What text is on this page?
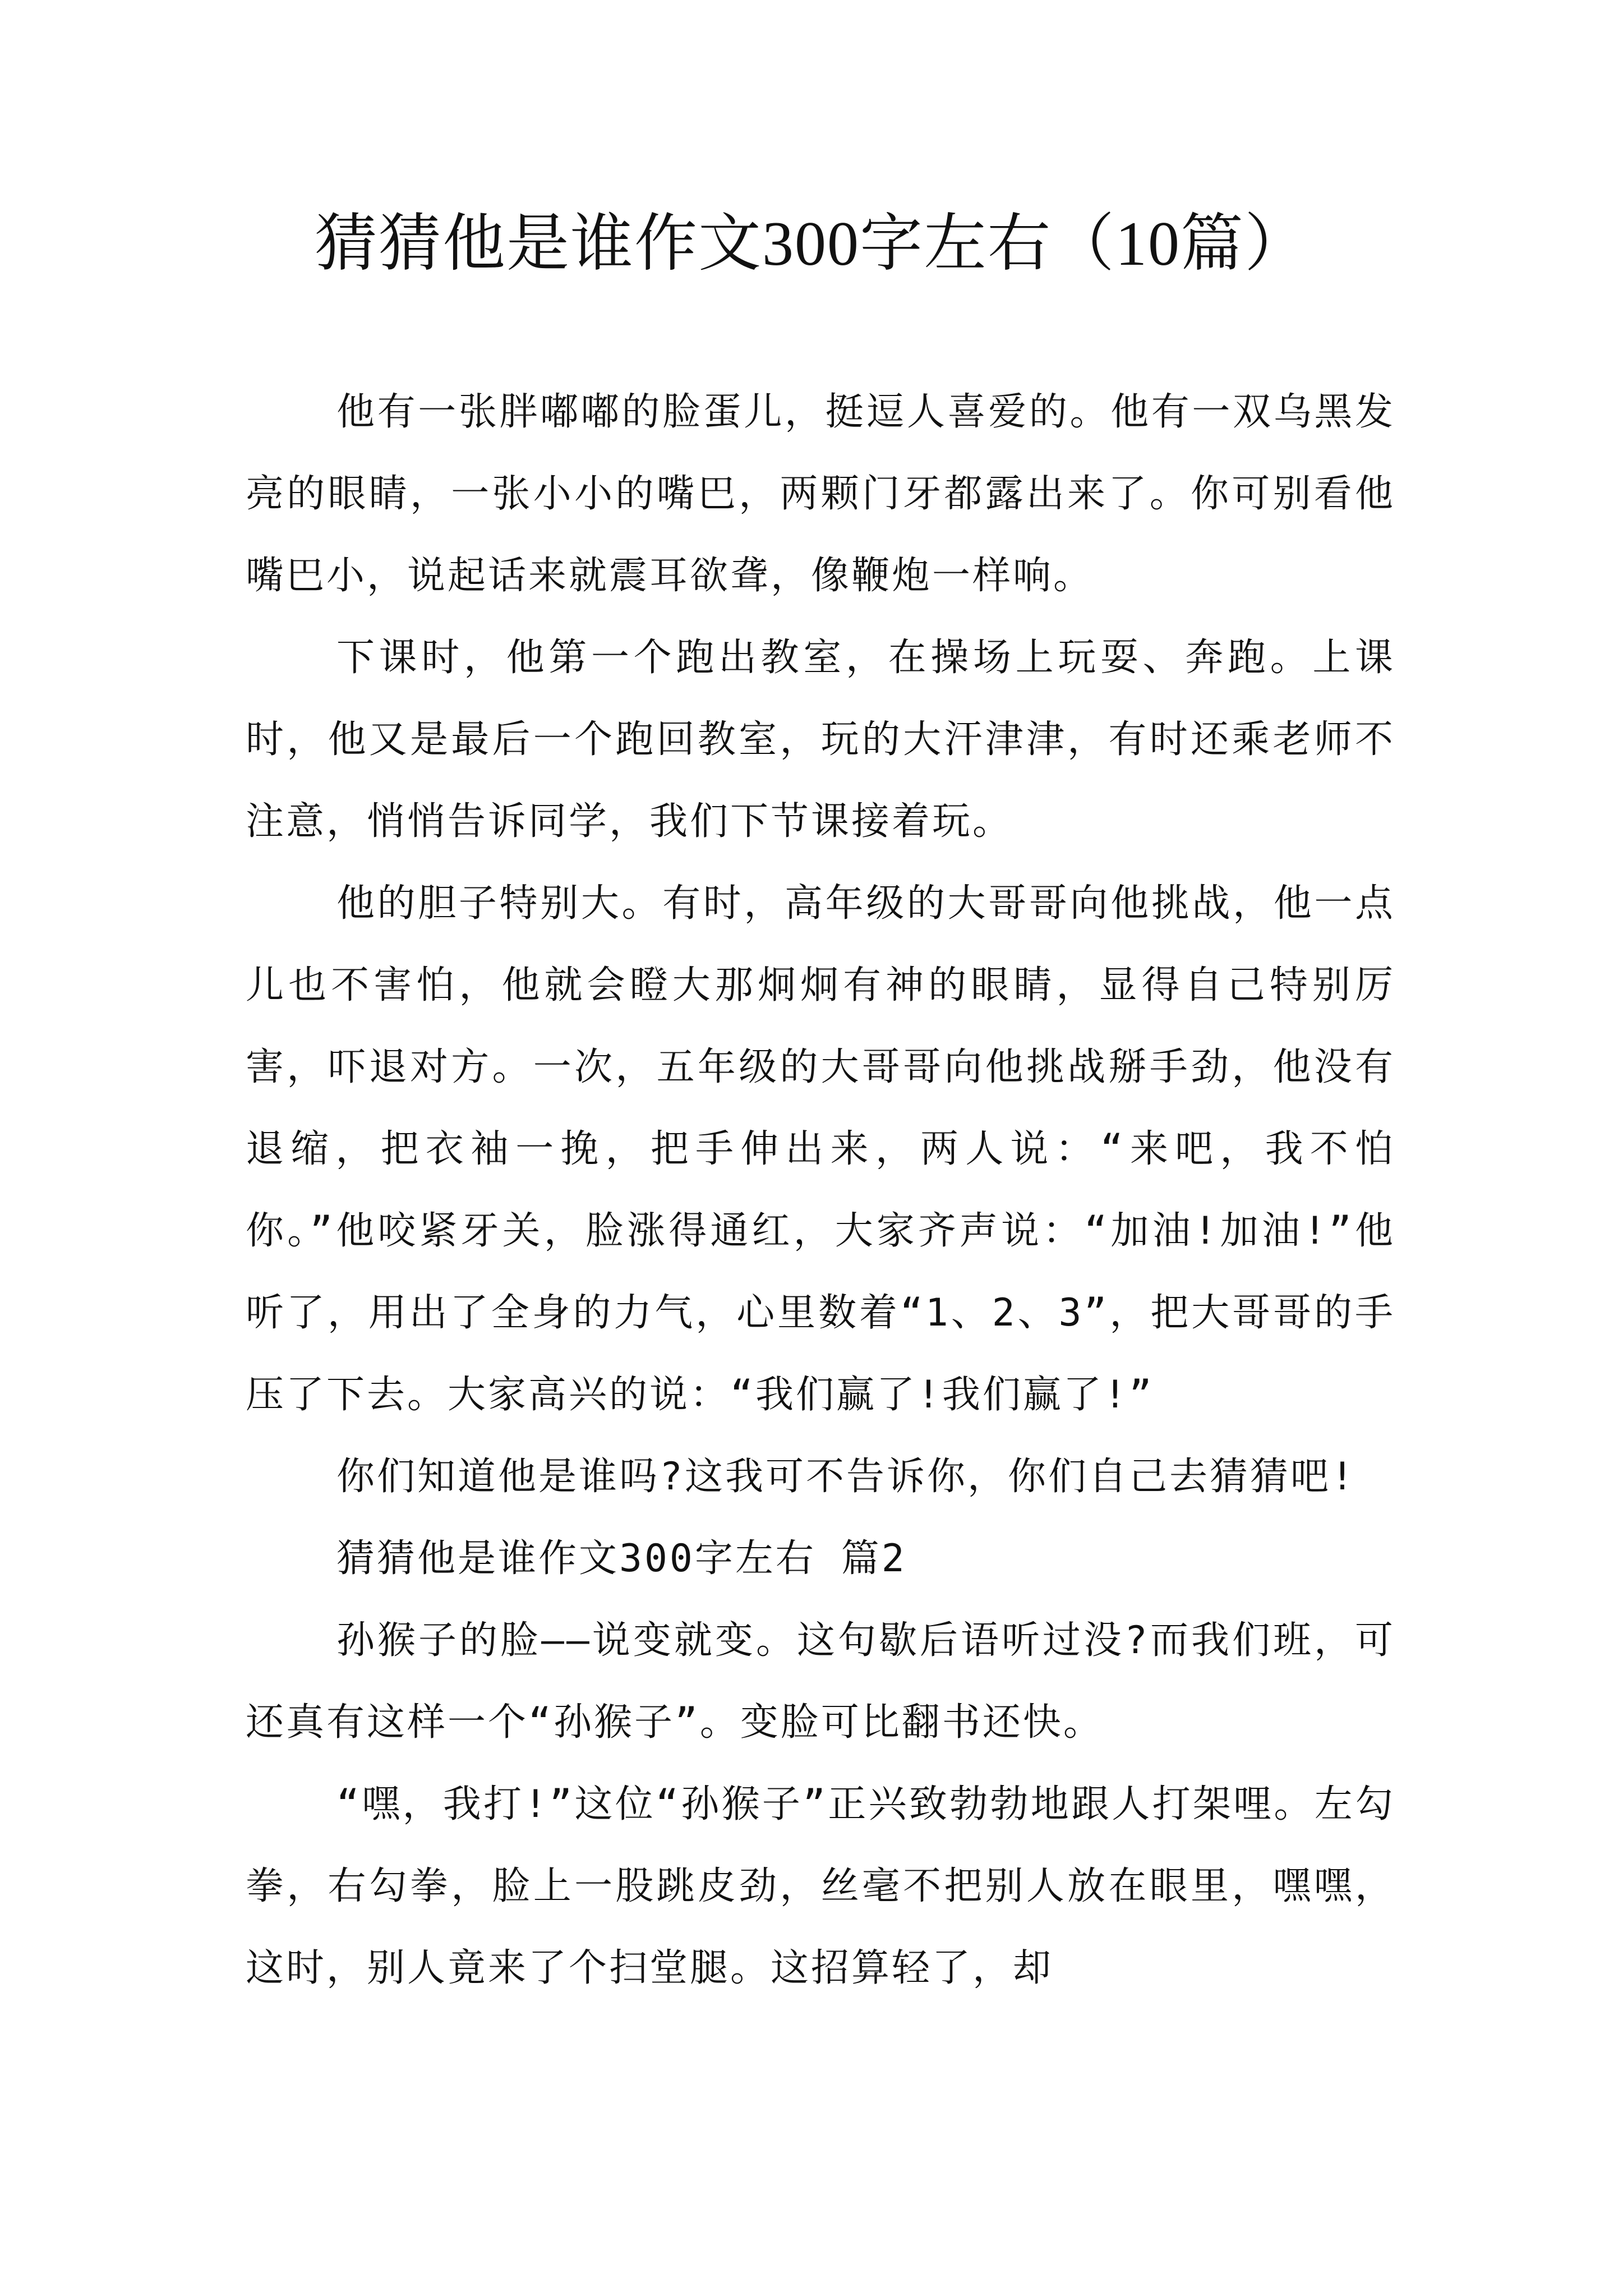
猜猜他是谁作文300字左右（10篇）

他有一张胖嘟嘟的脸蛋儿，挺逗人喜爱的。他有一双乌黑发亮的眼睛，一张小小的嘴巴，两颗门牙都露出来了。你可别看他嘴巴小，说起话来就震耳欲聋，像鞭炮一样响。

下课时，他第一个跑出教室，在操场上玩耍、奔跑。上课时，他又是最后一个跑回教室，玩的大汗津津，有时还乘老师不注意，悄悄告诉同学，我们下节课接着玩。

他的胆子特别大。有时，高年级的大哥哥向他挑战，他一点儿也不害怕，他就会瞪大那炯炯有神的眼睛，显得自己特别厉害，吓退对方。一次，五年级的大哥哥向他挑战掰手劲，他没有退缩，把衣袖一挽，把手伸出来，两人说：“来吧，我不怕你。”他咬紧牙关，脸涨得通红，大家齐声说：“加油!加油!”他听了，用出了全身的力气，心里数着“1、2、3”，把大哥哥的手压了下去。大家高兴的说：“我们赢了!我们赢了!”

你们知道他是谁吗?这我可不告诉你，你们自己去猜猜吧!

猜猜他是谁作文300字左右 篇2

孙猴子的脸——说变就变。这句歇后语听过没?而我们班，可还真有这样一个“孙猴子”。变脸可比翻书还快。

“嘿，我打!”这位“孙猴子”正兴致勃勃地跟人打架哩。左勾拳，右勾拳，脸上一股跳皮劲，丝毫不把别人放在眼里，嘿嘿，这时，别人竟来了个扫堂腿。这招算轻了，却
